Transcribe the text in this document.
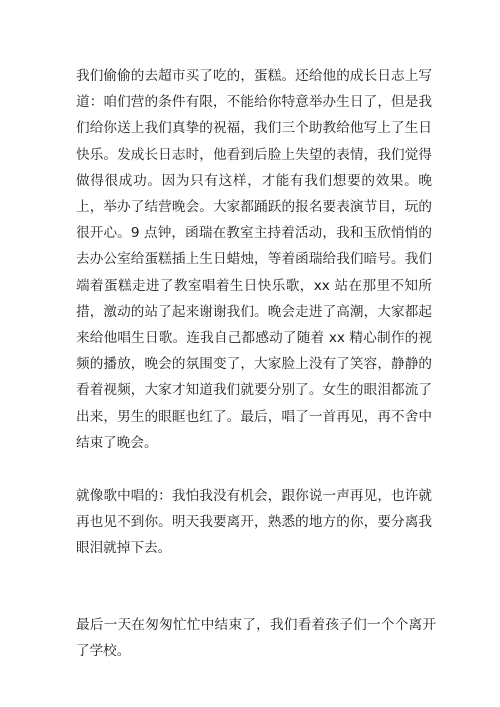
我们偷偷的去超市买了吃的，蛋糕。还给他的成长日志上写道：咱们营的条件有限，不能给你特意举办生日了，但是我们给你送上我们真挚的祝福，我们三个助教给他写上了生日快乐。发成长日志时，他看到后脸上失望的表情，我们觉得做得很成功。因为只有这样，才能有我们想要的效果。晚上，举办了结营晚会。大家都踊跃的报名要表演节目，玩的很开心。9 点钟，函瑞在教室主持着活动，我和玉欣悄悄的去办公室给蛋糕插上生日蜡烛，等着函瑞给我们暗号。我们端着蛋糕走进了教室唱着生日快乐歌，xx 站在那里不知所措，激动的站了起来谢谢我们。晚会走进了高潮，大家都起来给他唱生日歌。连我自己都感动了随着 xx 精心制作的视频的播放，晚会的氛围变了，大家脸上没有了笑容，静静的看着视频，大家才知道我们就要分别了。女生的眼泪都流了出来，男生的眼眶也红了。最后，唱了一首再见，再不舍中结束了晚会。

就像歌中唱的：我怕我没有机会，跟你说一声再见，也许就再也见不到你。明天我要离开，熟悉的地方的你，要分离我眼泪就掉下去。

最后一天在匆匆忙忙中结束了，我们看着孩子们一个个离开了学校。
